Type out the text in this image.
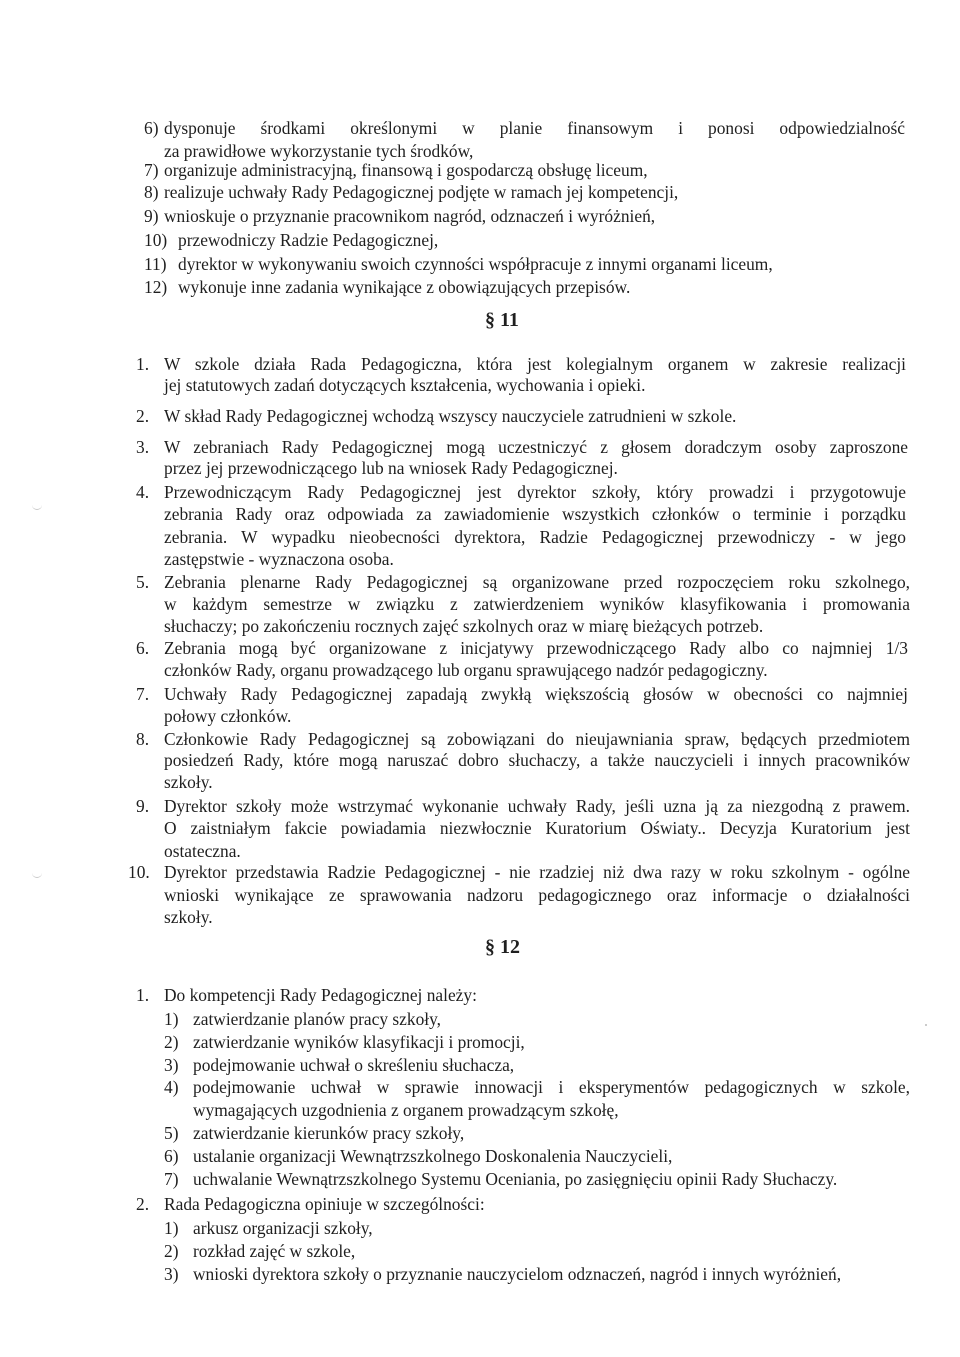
6) dysponuje środkami określonymi w planie finansowym i ponosi odpowiedzialność
za prawidłowe wykorzystanie tych środków,
7) organizuje administracyjną, finansową i gospodarczą obsługę liceum,
8) realizuje uchwały Rady Pedagogicznej podjęte w ramach jej kompetencji,
9) wnioskuje o przyznanie pracownikom nagród, odznaczeń i wyróżnień,
10) przewodniczy Radzie Pedagogicznej,
11) dyrektor w wykonywaniu swoich czynności współpracuje z innymi organami liceum,
12) wykonuje inne zadania wynikające z obowiązujących przepisów.
§ 11
1. W szkole działa Rada Pedagogiczna, która jest kolegialnym organem w zakresie realizacji
jej statutowych zadań dotyczących kształcenia, wychowania i opieki.
2. W skład Rady Pedagogicznej wchodzą wszyscy nauczyciele zatrudnieni w szkole.
3. W zebraniach Rady Pedagogicznej mogą uczestniczyć z głosem doradczym osoby zaproszone
przez jej przewodniczącego lub na wniosek Rady Pedagogicznej.
4. Przewodniczącym Rady Pedagogicznej jest dyrektor szkoły, który prowadzi i przygotowuje
zebrania Rady oraz odpowiada za zawiadomienie wszystkich członków o terminie i porządku
zebrania. W wypadku nieobecności dyrektora, Radzie Pedagogicznej przewodniczy - w jego
zastępstwie - wyznaczona osoba.
5. Zebrania plenarne Rady Pedagogicznej są organizowane przed rozpoczęciem roku szkolnego,
w każdym semestrze w związku z zatwierdzeniem wyników klasyfikowania i promowania
słuchaczy; po zakończeniu rocznych zajęć szkolnych oraz w miarę bieżących potrzeb.
6. Zebrania mogą być organizowane z inicjatywy przewodniczącego Rady albo co najmniej 1/3
członków Rady, organu prowadzącego lub organu sprawującego nadzór pedagogiczny.
7. Uchwały Rady Pedagogicznej zapadają zwykłą większością głosów w obecności co najmniej
połowy członków.
8. Członkowie Rady Pedagogicznej są zobowiązani do nieujawniania spraw, będących przedmiotem
posiedzeń Rady, które mogą naruszać dobro słuchaczy, a także nauczycieli i innych pracowników
szkoły.
9. Dyrektor szkoły może wstrzymać wykonanie uchwały Rady, jeśli uzna ją za niezgodną z prawem.
O zaistniałym fakcie powiadamia niezwłocznie Kuratorium Oświaty.. Decyzja Kuratorium jest
ostateczna.
10. Dyrektor przedstawia Radzie Pedagogicznej - nie rzadziej niż dwa razy w roku szkolnym - ogólne
wnioski wynikające ze sprawowania nadzoru pedagogicznego oraz informacje o działalności
szkoły.
§ 12
1. Do kompetencji Rady Pedagogicznej należy:
1) zatwierdzanie planów pracy szkoły,
2) zatwierdzanie wyników klasyfikacji i promocji,
3) podejmowanie uchwał o skreśleniu słuchacza,
4) podejmowanie uchwał w sprawie innowacji i eksperymentów pedagogicznych w szkole,
wymagających uzgodnienia z organem prowadzącym szkołę,
5) zatwierdzanie kierunków pracy szkoły,
6) ustalanie organizacji Wewnątrzszkolnego Doskonalenia Nauczycieli,
7) uchwalanie Wewnątrzszkolnego Systemu Oceniania, po zasięgnięciu opinii Rady Słuchaczy.
2. Rada Pedagogiczna opiniuje w szczególności:
1) arkusz organizacji szkoły,
2) rozkład zajęć w szkole,
3) wnioski dyrektora szkoły o przyznanie nauczycielom odznaczeń, nagród i innych wyróżnień,
